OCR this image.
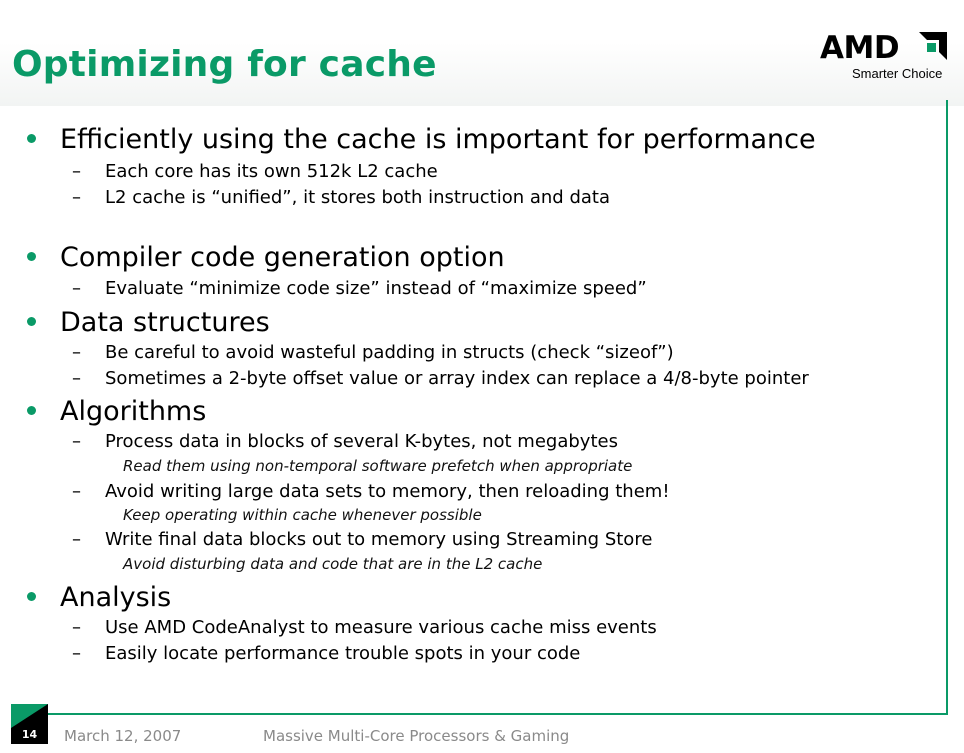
Optimizing for cache	AMD
Smarter Choice
Efficiently using the cache is important for performance
– Each core has its own 512k L2 cache
– L2 cache is “unified”, it stores both instruction and data
Compiler code generation option
– Evaluate “minimize code size” instead of “maximize speed”
Data structures
– Be careful to avoid wasteful padding in structs (check “sizeof”)
– Sometimes a 2-byte offset value or array index can replace a 4/8-byte pointer
Algorithms
– Process data in blocks of several K-bytes, not megabytes
Read them using non-temporal software prefetch when appropriate
– Avoid writing large data sets to memory, then reloading them!
Keep operating within cache whenever possible
– Write final data blocks out to memory using Streaming Store
Avoid disturbing data and code that are in the L2 cache
Analysis
– Use AMD CodeAnalyst to measure various cache miss events
– Easily locate performance trouble spots in your code
14	March 12, 2007	Massive Multi-Core Processors & Gaming
